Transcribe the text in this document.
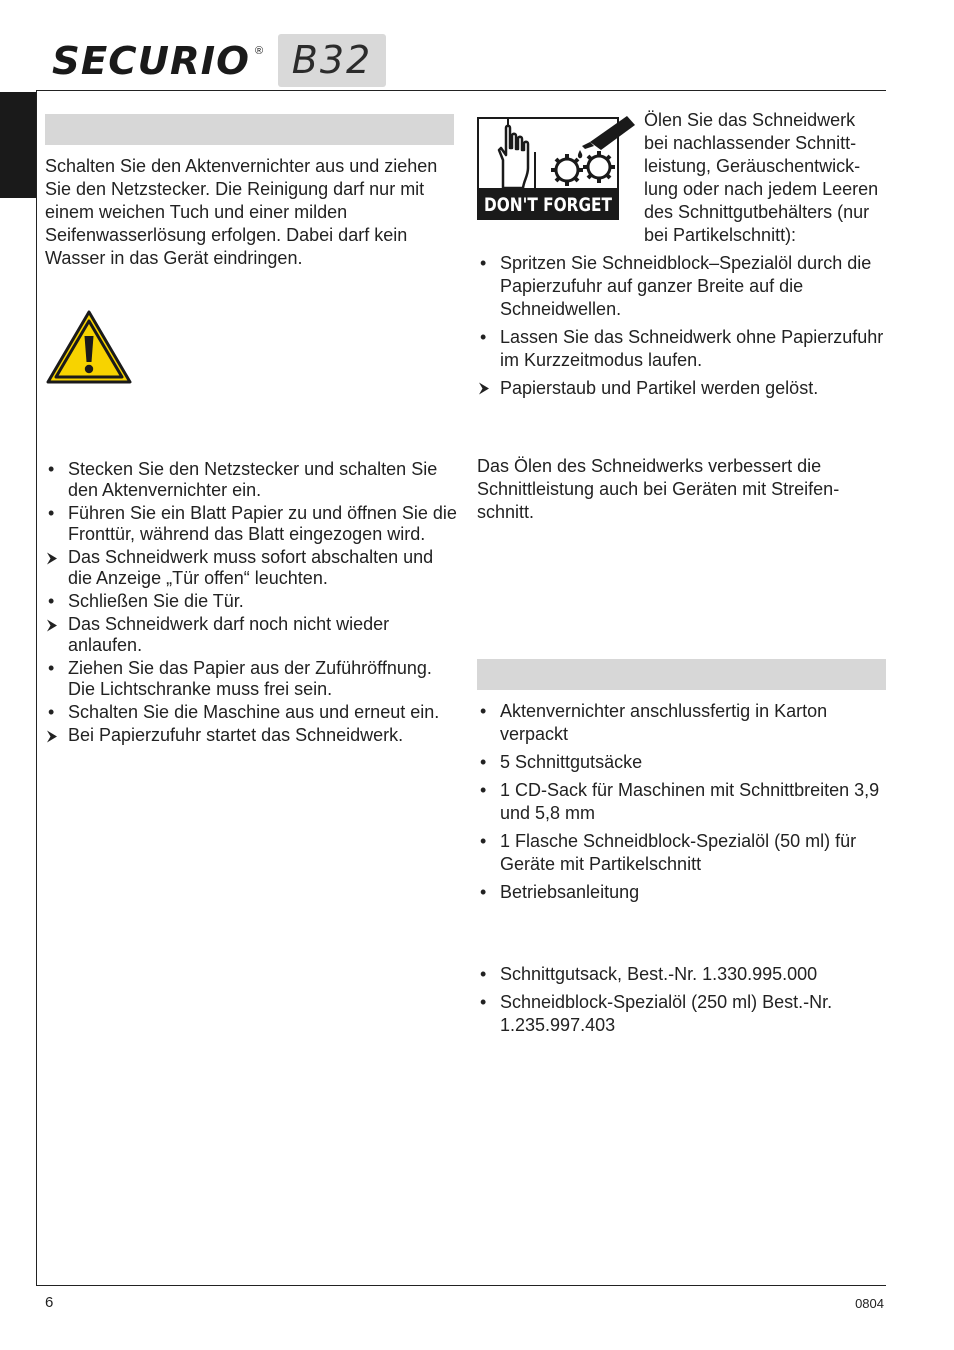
SECURIO ® B32

Schalten Sie den Aktenvernichter aus und ziehen Sie den Netzstecker. Die Reinigung darf nur mit einem weichen Tuch und einer milden Seifenwasserlösung erfolgen. Dabei darf kein Wasser in das Gerät eindringen.

•
Stecken Sie den Netzstecker und schalten Sie den Aktenvernichter ein.
•
Führen Sie ein Blatt Papier zu und öffnen Sie die Fronttür, während das Blatt eingezogen wird.
Das Schneidwerk muss sofort abschalten und die Anzeige „Tür offen“ leuchten.
•
Schließen Sie die Tür.
Das Schneidwerk darf noch nicht wieder anlaufen.
•
Ziehen Sie das Papier aus der Zuführöffnung. Die Lichtschranke muss frei sein.
•
Schalten Sie die Maschine aus und erneut ein.
Bei Papierzufuhr startet das Schneidwerk.
DON'T FORGET

Ölen Sie das Schneidwerk bei nachlassender Schnittleistung, Geräuschentwicklung oder nach jedem Leeren des Schnittgutbehälters (nur bei Partikelschnitt):

•
Spritzen Sie Schneidblock–Spezialöl durch die Papierzufuhr auf ganzer Breite auf die Schneidwellen.
•
Lassen Sie das Schneidwerk ohne Papierzufuhr im Kurzzeitmodus laufen.
Papierstaub und Partikel werden gelöst.

Das Ölen des Schneidwerks verbessert die Schnittleistung auch bei Geräten mit Streifenschnitt.

•
Aktenvernichter anschlussfertig in Karton verpackt
•
5 Schnittgutsäcke
•
1 CD-Sack für Maschinen mit Schnittbreiten 3,9 und 5,8 mm
•
1 Flasche Schneidblock-Spezialöl (50 ml) für Geräte mit Partikelschnitt
•
Betriebsanleitung
•
Schnittgutsack, Best.-Nr. 1.330.995.000
•
Schneidblock-Spezialöl (250 ml) Best.-Nr. 1.235.997.403
6	0804
